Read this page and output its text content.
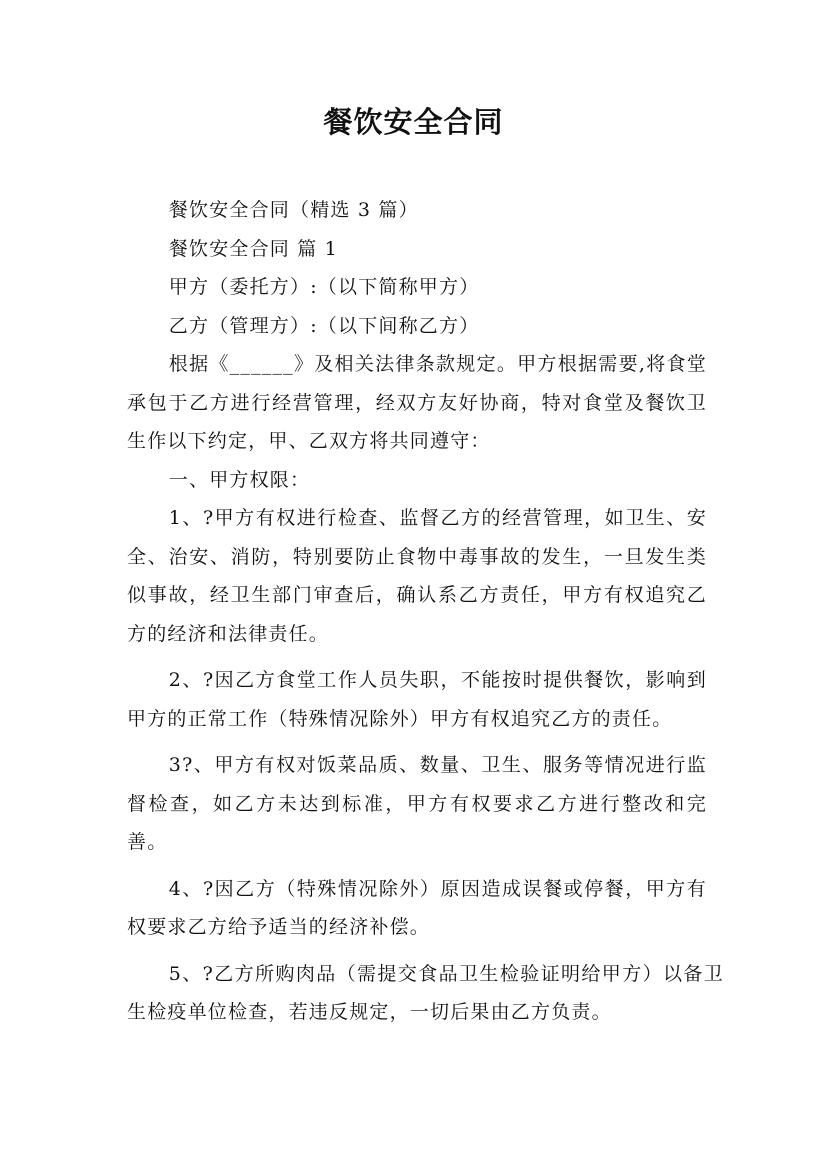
餐饮安全合同

餐饮安全合同（精选 3 篇）

餐饮安全合同 篇 1

甲方（委托方）:（以下简称甲方）

乙方（管理方）:（以下间称乙方）

根据《______》及相关法律条款规定。甲方根据需要,将食堂承包于乙方进行经营管理，经双方友好协商，特对食堂及餐饮卫生作以下约定，甲、乙双方将共同遵守：

一、甲方权限：

1、?甲方有权进行检查、监督乙方的经营管理，如卫生、安全、治安、消防，特别要防止食物中毒事故的发生，一旦发生类似事故，经卫生部门审查后，确认系乙方责任，甲方有权追究乙方的经济和法律责任。

2、?因乙方食堂工作人员失职，不能按时提供餐饮，影响到甲方的正常工作（特殊情况除外）甲方有权追究乙方的责任。

3?、甲方有权对饭菜品质、数量、卫生、服务等情况进行监督检查，如乙方未达到标准，甲方有权要求乙方进行整改和完善。

4、?因乙方（特殊情况除外）原因造成误餐或停餐，甲方有权要求乙方给予适当的经济补偿。

5、?乙方所购肉品（需提交食品卫生检验证明给甲方）以备卫生检疫单位检查，若违反规定，一切后果由乙方负责。
